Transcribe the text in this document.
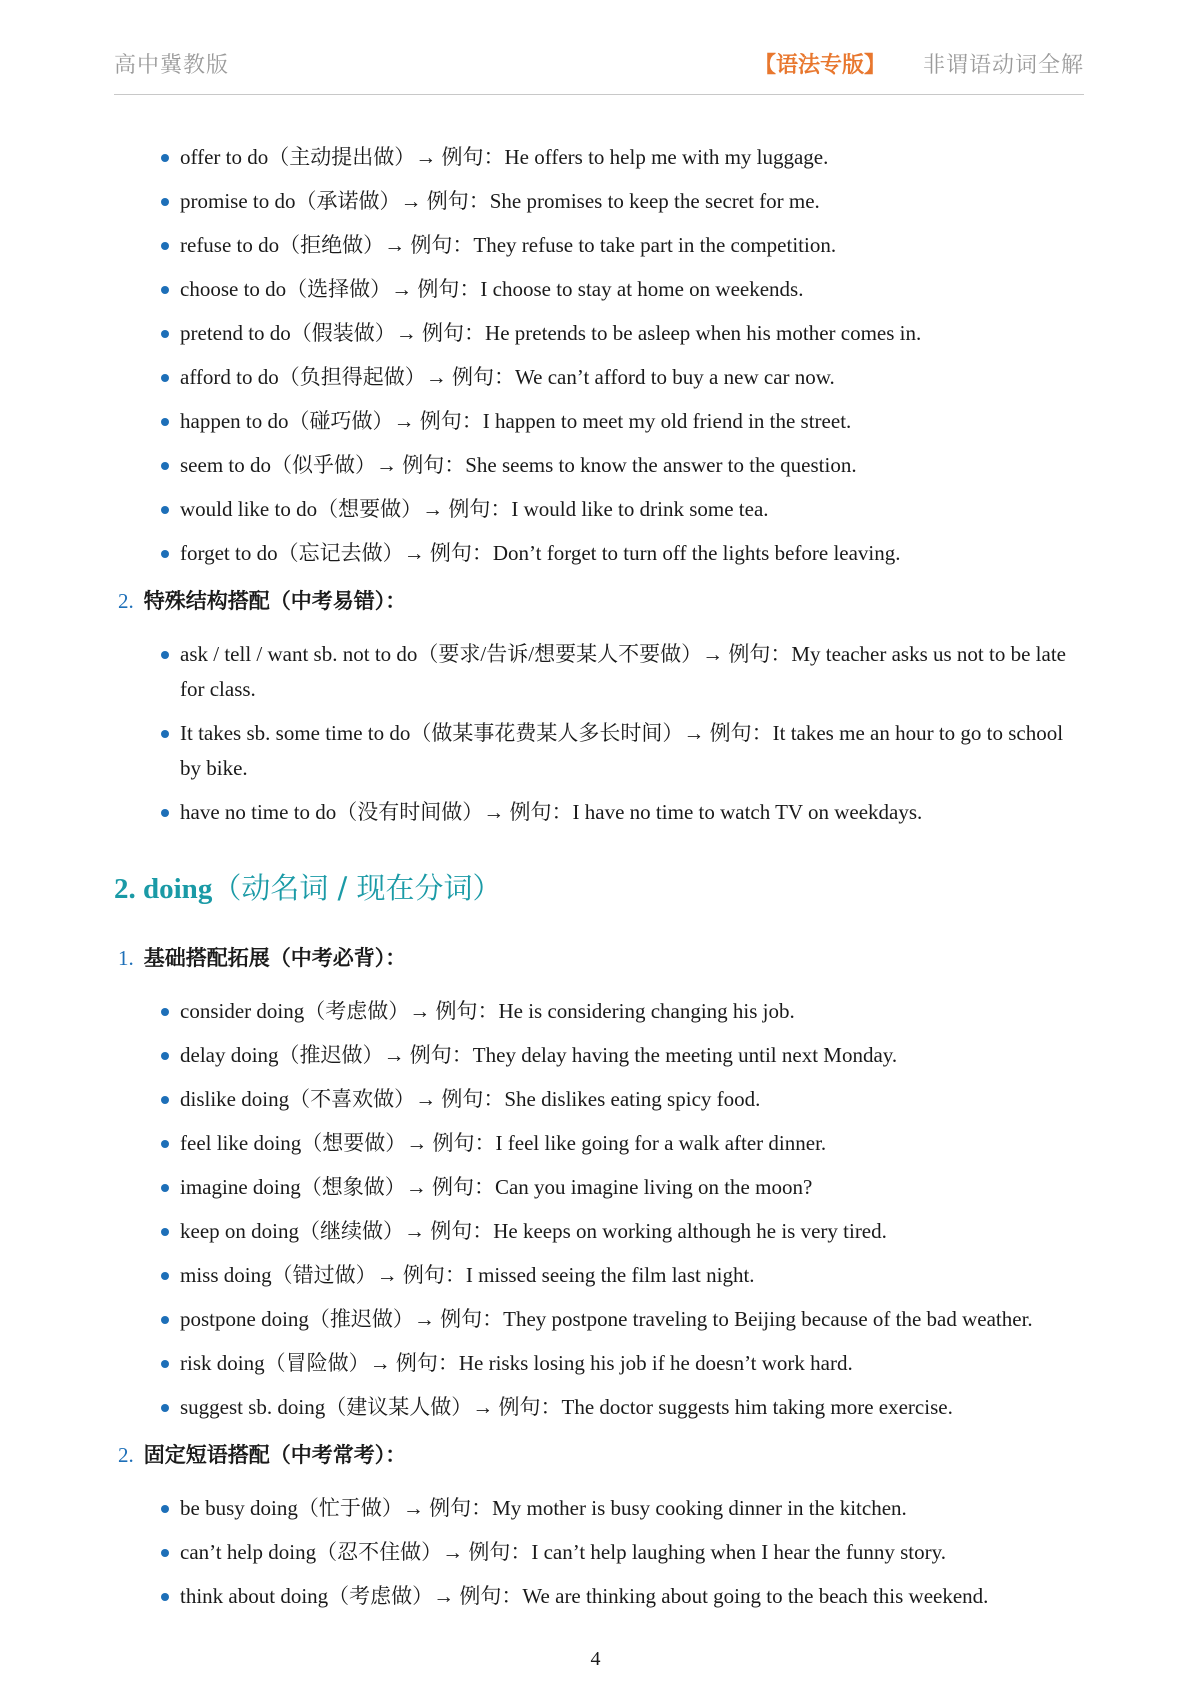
高中冀教版	【语法专版】 非谓语动词全解
offer to do（主动提出做）→ 例句：He offers to help me with my luggage.
promise to do（承诺做）→ 例句：She promises to keep the secret for me.
refuse to do（拒绝做）→ 例句：They refuse to take part in the competition.
choose to do（选择做）→ 例句：I choose to stay at home on weekends.
pretend to do（假装做）→ 例句：He pretends to be asleep when his mother comes in.
afford to do（负担得起做）→ 例句：We can’t afford to buy a new car now.
happen to do（碰巧做）→ 例句：I happen to meet my old friend in the street.
seem to do（似乎做）→ 例句：She seems to know the answer to the question.
would like to do（想要做）→ 例句：I would like to drink some tea.
forget to do（忘记去做）→ 例句：Don’t forget to turn off the lights before leaving.
2. 特殊结构搭配（中考易错）：
ask / tell / want sb. not to do（要求/告诉/想要某人不要做）→ 例句：My teacher asks us not to be late for class.
It takes sb. some time to do（做某事花费某人多长时间）→ 例句：It takes me an hour to go to school by bike.
have no time to do（没有时间做）→ 例句：I have no time to watch TV on weekdays.
2. doing（动名词 / 现在分词）
1. 基础搭配拓展（中考必背）：
consider doing（考虑做）→ 例句：He is considering changing his job.
delay doing（推迟做）→ 例句：They delay having the meeting until next Monday.
dislike doing（不喜欢做）→ 例句：She dislikes eating spicy food.
feel like doing（想要做）→ 例句：I feel like going for a walk after dinner.
imagine doing（想象做）→ 例句：Can you imagine living on the moon?
keep on doing（继续做）→ 例句：He keeps on working although he is very tired.
miss doing（错过做）→ 例句：I missed seeing the film last night.
postpone doing（推迟做）→ 例句：They postpone traveling to Beijing because of the bad weather.
risk doing（冒险做）→ 例句：He risks losing his job if he doesn’t work hard.
suggest sb. doing（建议某人做）→ 例句：The doctor suggests him taking more exercise.
2. 固定短语搭配（中考常考）：
be busy doing（忙于做）→ 例句：My mother is busy cooking dinner in the kitchen.
can’t help doing（忍不住做）→ 例句：I can’t help laughing when I hear the funny story.
think about doing（考虑做）→ 例句：We are thinking about going to the beach this weekend.
4
